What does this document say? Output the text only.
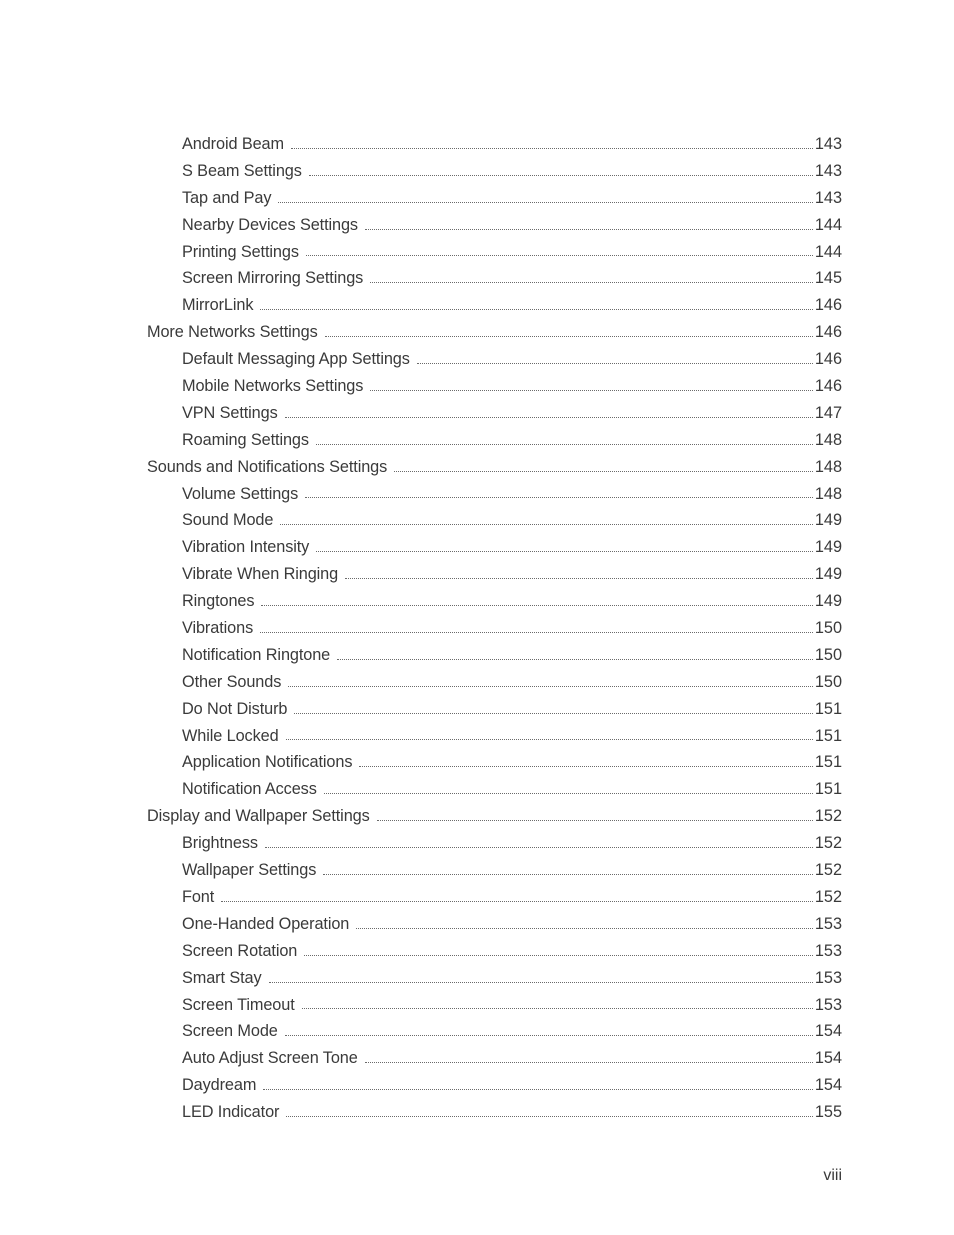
Android Beam	143
S Beam Settings	143
Tap and Pay	143
Nearby Devices Settings	144
Printing Settings	144
Screen Mirroring Settings	145
MirrorLink	146
More Networks Settings	146
Default Messaging App Settings	146
Mobile Networks Settings	146
VPN Settings	147
Roaming Settings	148
Sounds and Notifications Settings	148
Volume Settings	148
Sound Mode	149
Vibration Intensity	149
Vibrate When Ringing	149
Ringtones	149
Vibrations	150
Notification Ringtone	150
Other Sounds	150
Do Not Disturb	151
While Locked	151
Application Notifications	151
Notification Access	151
Display and Wallpaper Settings	152
Brightness	152
Wallpaper Settings	152
Font	152
One-Handed Operation	153
Screen Rotation	153
Smart Stay	153
Screen Timeout	153
Screen Mode	154
Auto Adjust Screen Tone	154
Daydream	154
LED Indicator	155
viii
